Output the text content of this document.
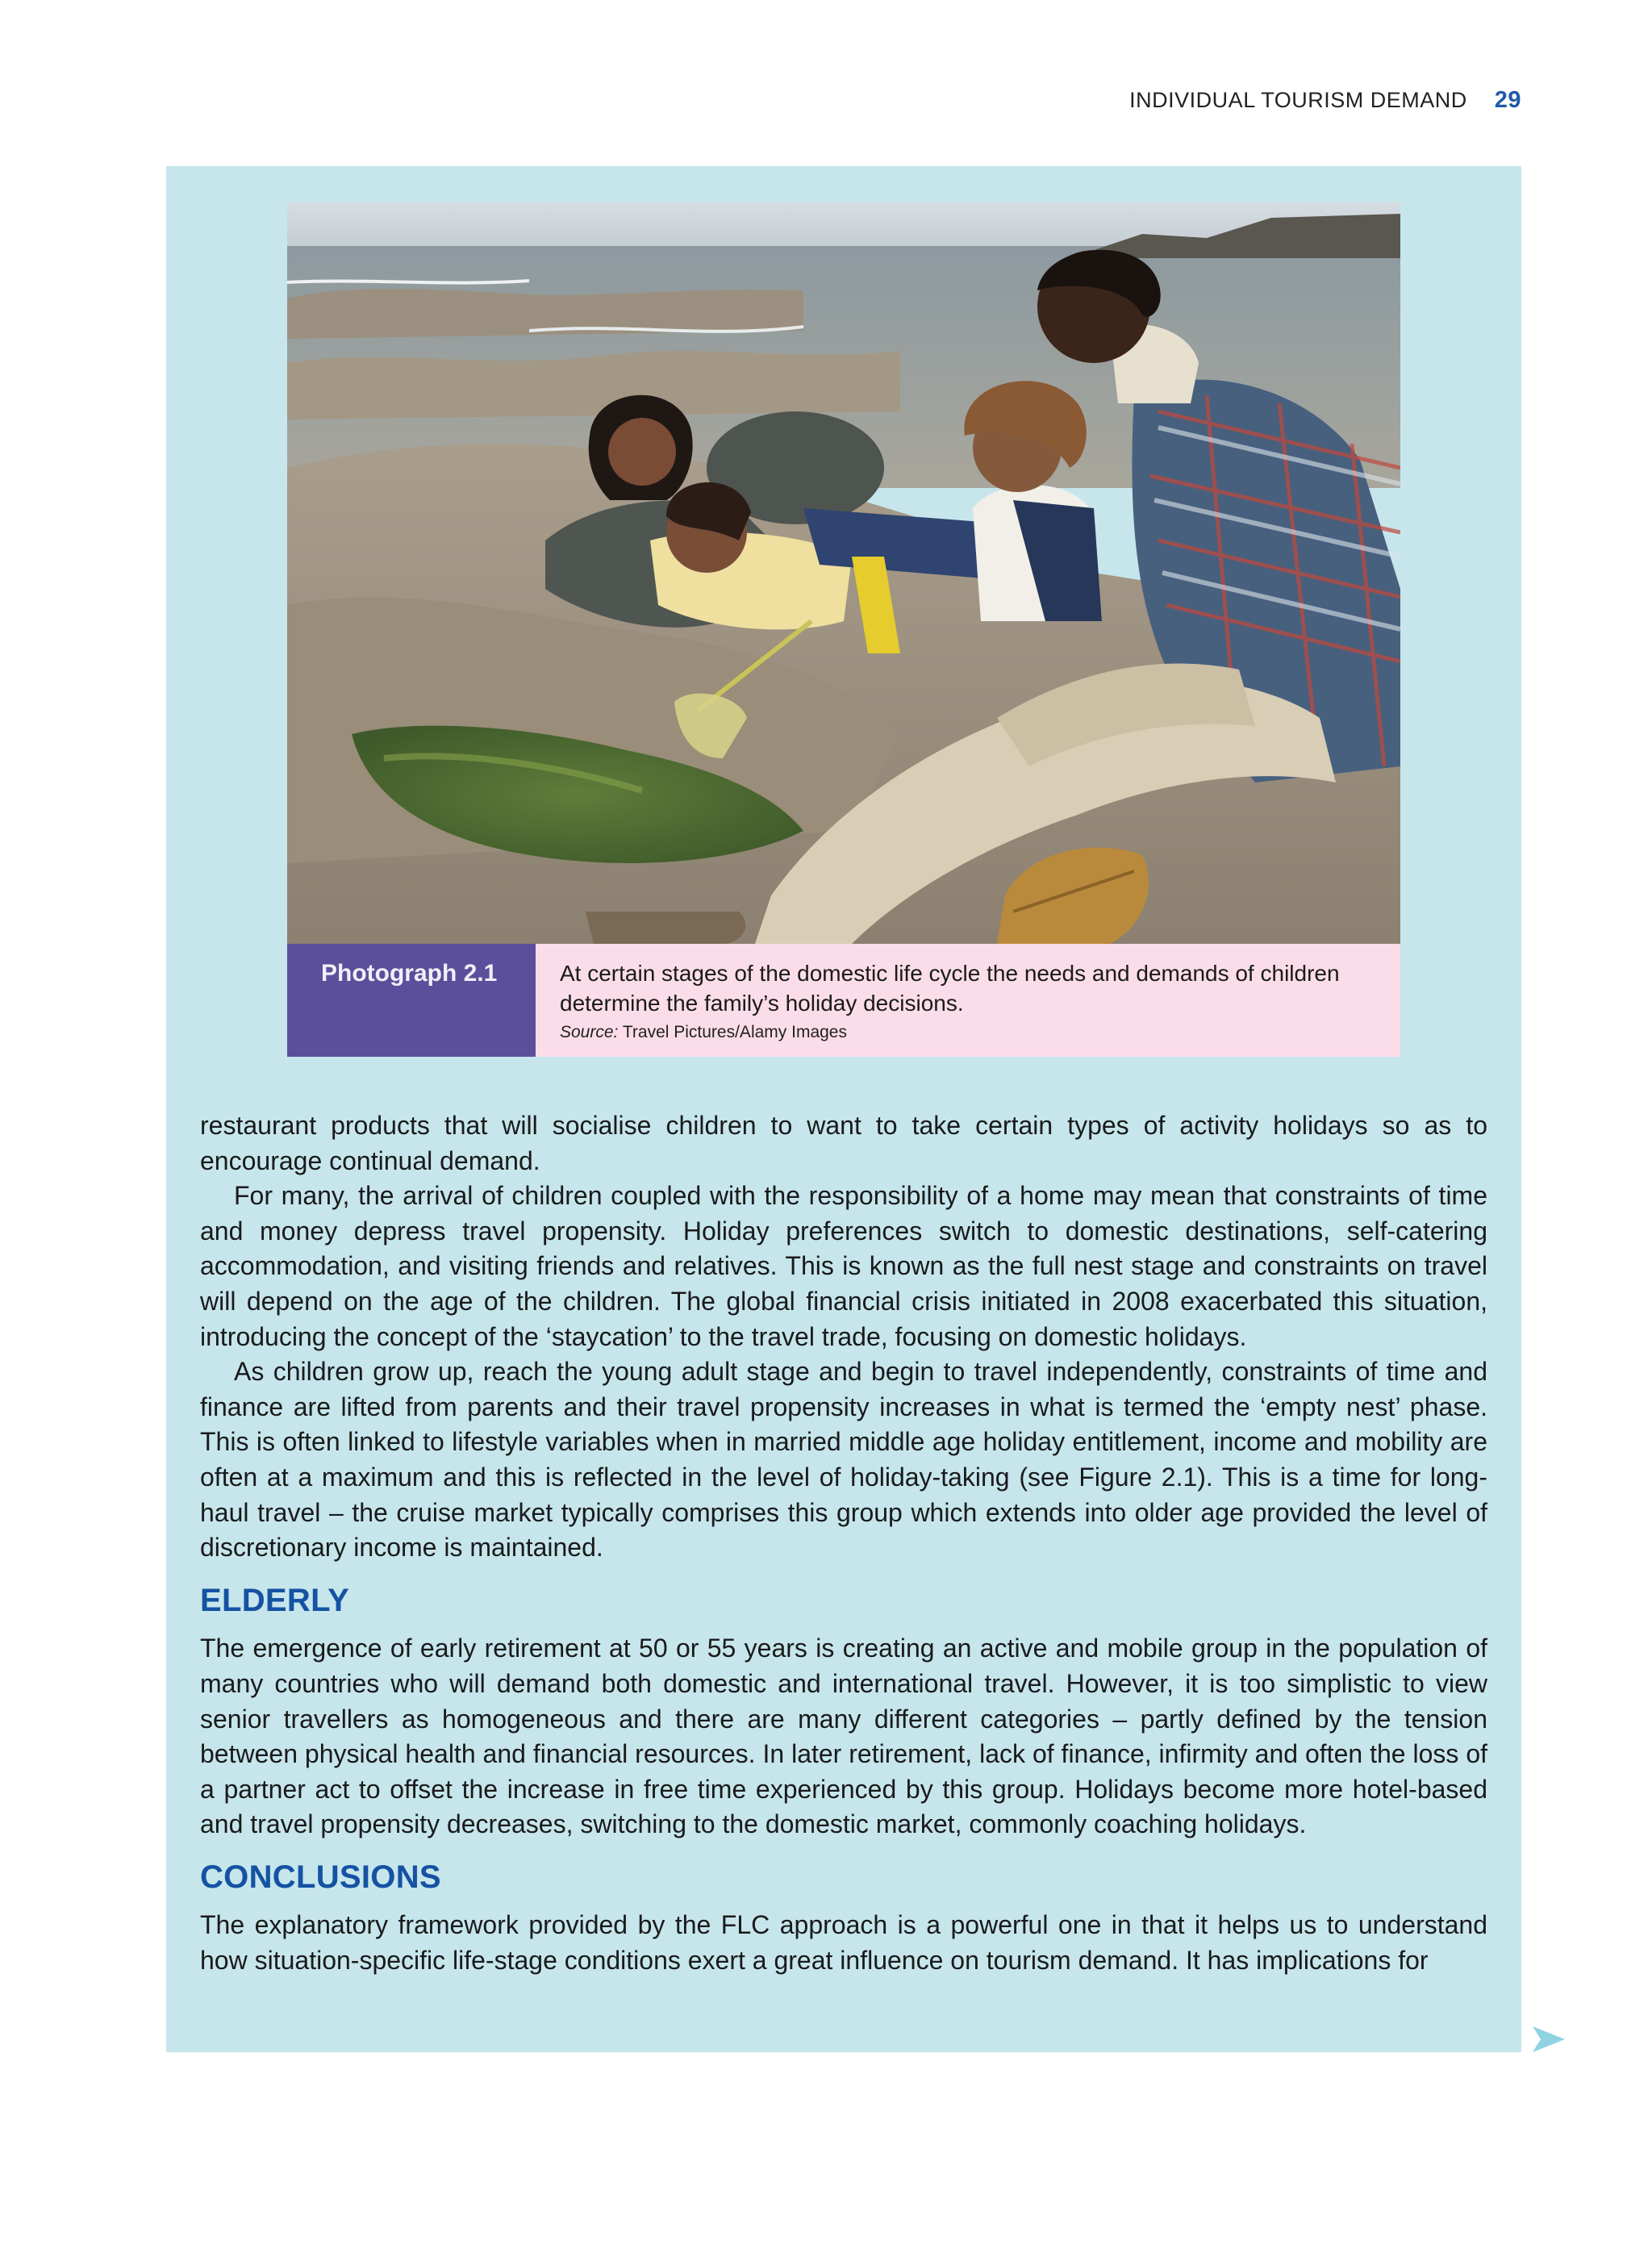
INDIVIDUAL TOURISM DEMAND 29
Photograph 2.1	At certain stages of the domestic life cycle the needs and demands of children determine the family’s holiday decisions.
Source: Travel Pictures/Alamy Images

restaurant products that will socialise children to want to take certain types of activity holidays so as to encourage continual demand.

For many, the arrival of children coupled with the responsibility of a home may mean that constraints of time and money depress travel propensity. Holiday preferences switch to domestic destinations, self-catering accommodation, and visiting friends and relatives. This is known as the full nest stage and constraints on travel will depend on the age of the children. The global financial crisis initiated in 2008 exacerbated this situation, introducing the concept of the ‘staycation’ to the travel trade, focusing on domestic holidays.

As children grow up, reach the young adult stage and begin to travel independently, constraints of time and finance are lifted from parents and their travel propensity increases in what is termed the ‘empty nest’ phase. This is often linked to lifestyle variables when in married middle age holiday entitlement, income and mobility are often at a maximum and this is reflected in the level of holiday-taking (see Figure 2.1). This is a time for long-haul travel – the cruise market typically comprises this group which extends into older age provided the level of discretionary income is maintained.

ELDERLY

The emergence of early retirement at 50 or 55 years is creating an active and mobile group in the population of many countries who will demand both domestic and international travel. However, it is too simplistic to view senior travellers as homogeneous and there are many different categories – partly defined by the tension between physical health and financial resources. In later retirement, lack of finance, infirmity and often the loss of a partner act to offset the increase in free time experienced by this group. Holidays become more hotel-based and travel propensity decreases, switching to the domestic market, commonly coaching holidays.

CONCLUSIONS

The explanatory framework provided by the FLC approach is a powerful one in that it helps us to understand how situation-specific life-stage conditions exert a great influence on tourism demand. It has implications for
